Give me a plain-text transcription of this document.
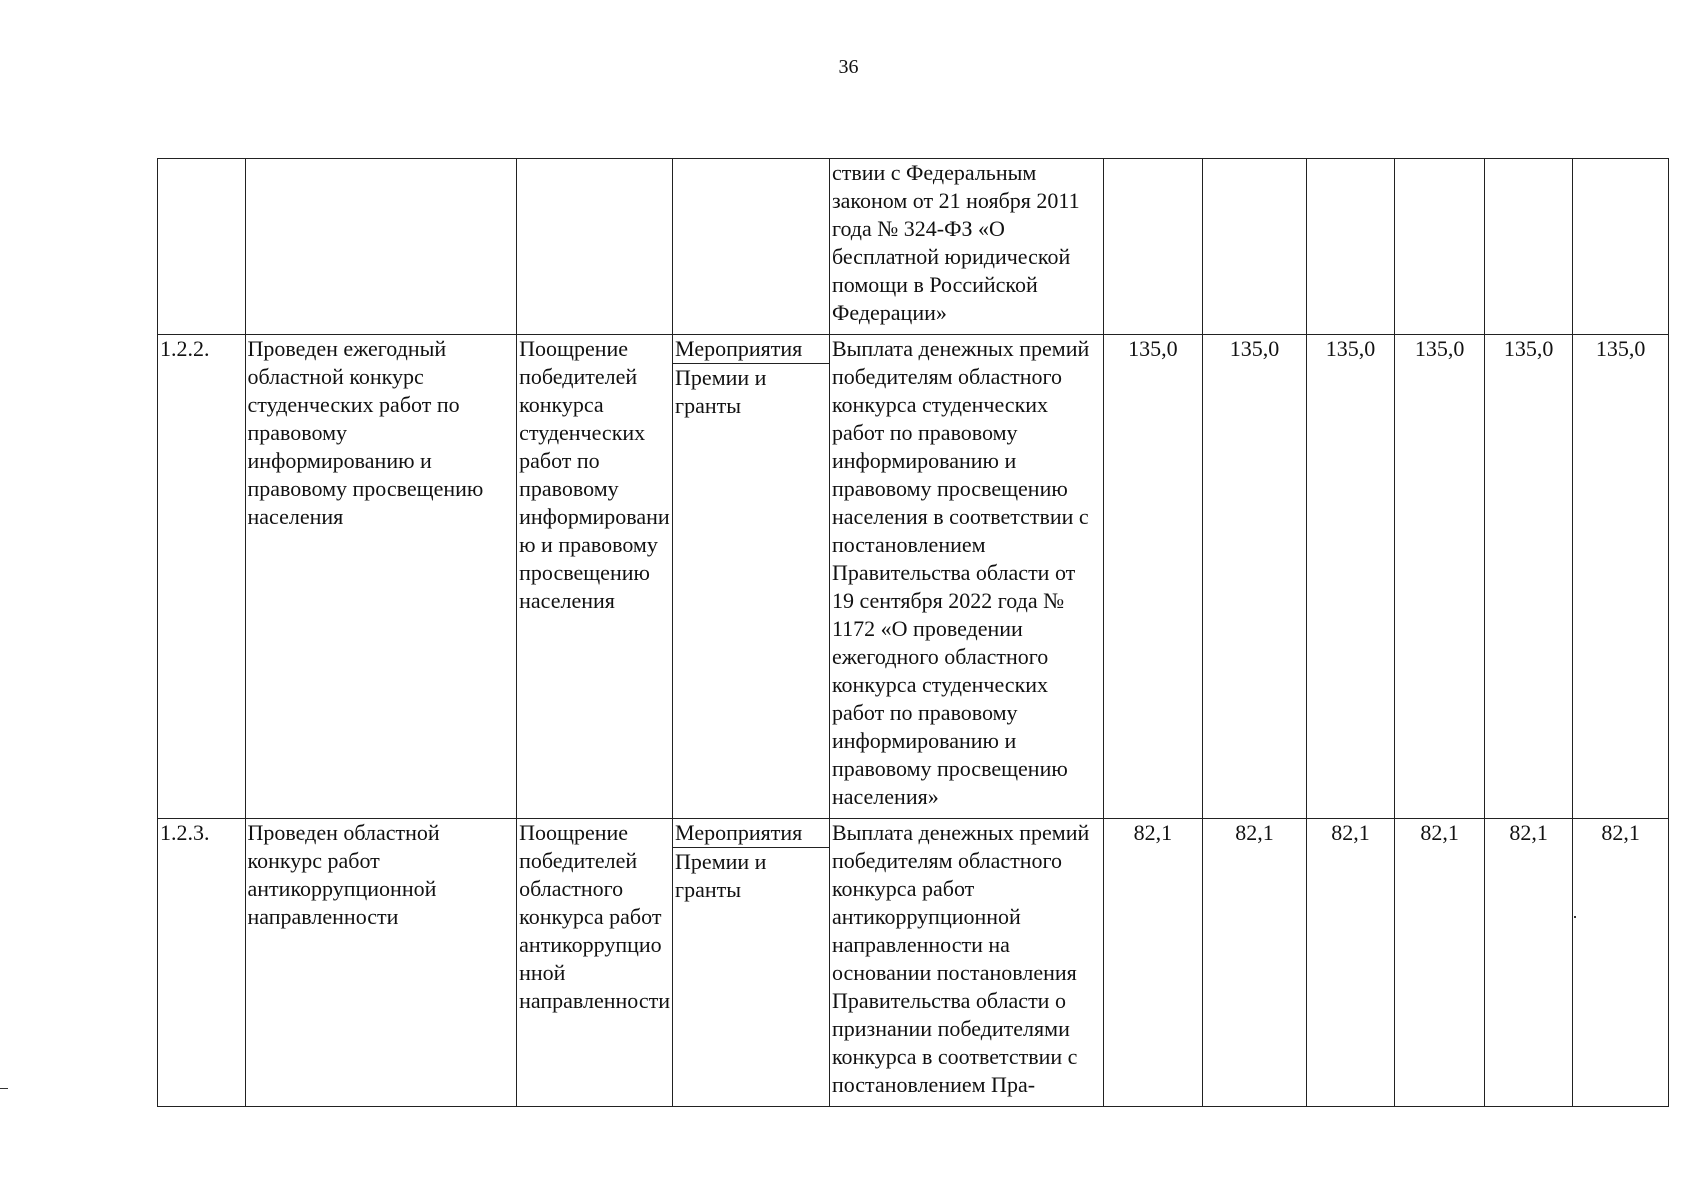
36
				ствии с Федеральным законом от 21 ноября 2011 года № 324-ФЗ «О бесплатной юридической помощи в Российской Федерации»						
1.2.2.	Проведен ежегодный областной конкурс студенческих работ по правовому информированию и правовому просвещению населения	Поощрение победителей конкурса студенческих работ по правовому информированию и правовому просвещению населения	Мероприятия
Премии и гранты	Выплата денежных премий победителям областного конкурса студенческих работ по правовому информированию и правовому просвещению населения в соответствии с постановлением Правительства области от 19 сентября 2022 года № 1172 «О проведении ежегодного областного конкурса студенческих работ по правовому информированию и правовому просвещению населения»	135,0	135,0	135,0	135,0	135,0	135,0
1.2.3.	Проведен областной конкурс работ антикоррупционной направленности	Поощрение победителей областного конкурса работ антикоррупционной направленности	Мероприятия
Премии и гранты	Выплата денежных премий победителям областного конкурса работ антикоррупционной направленности на основании постановления Правительства области о признании победителями конкурса в соответствии с постановлением Пра-	82,1	82,1	82,1	82,1	82,1	82,1
